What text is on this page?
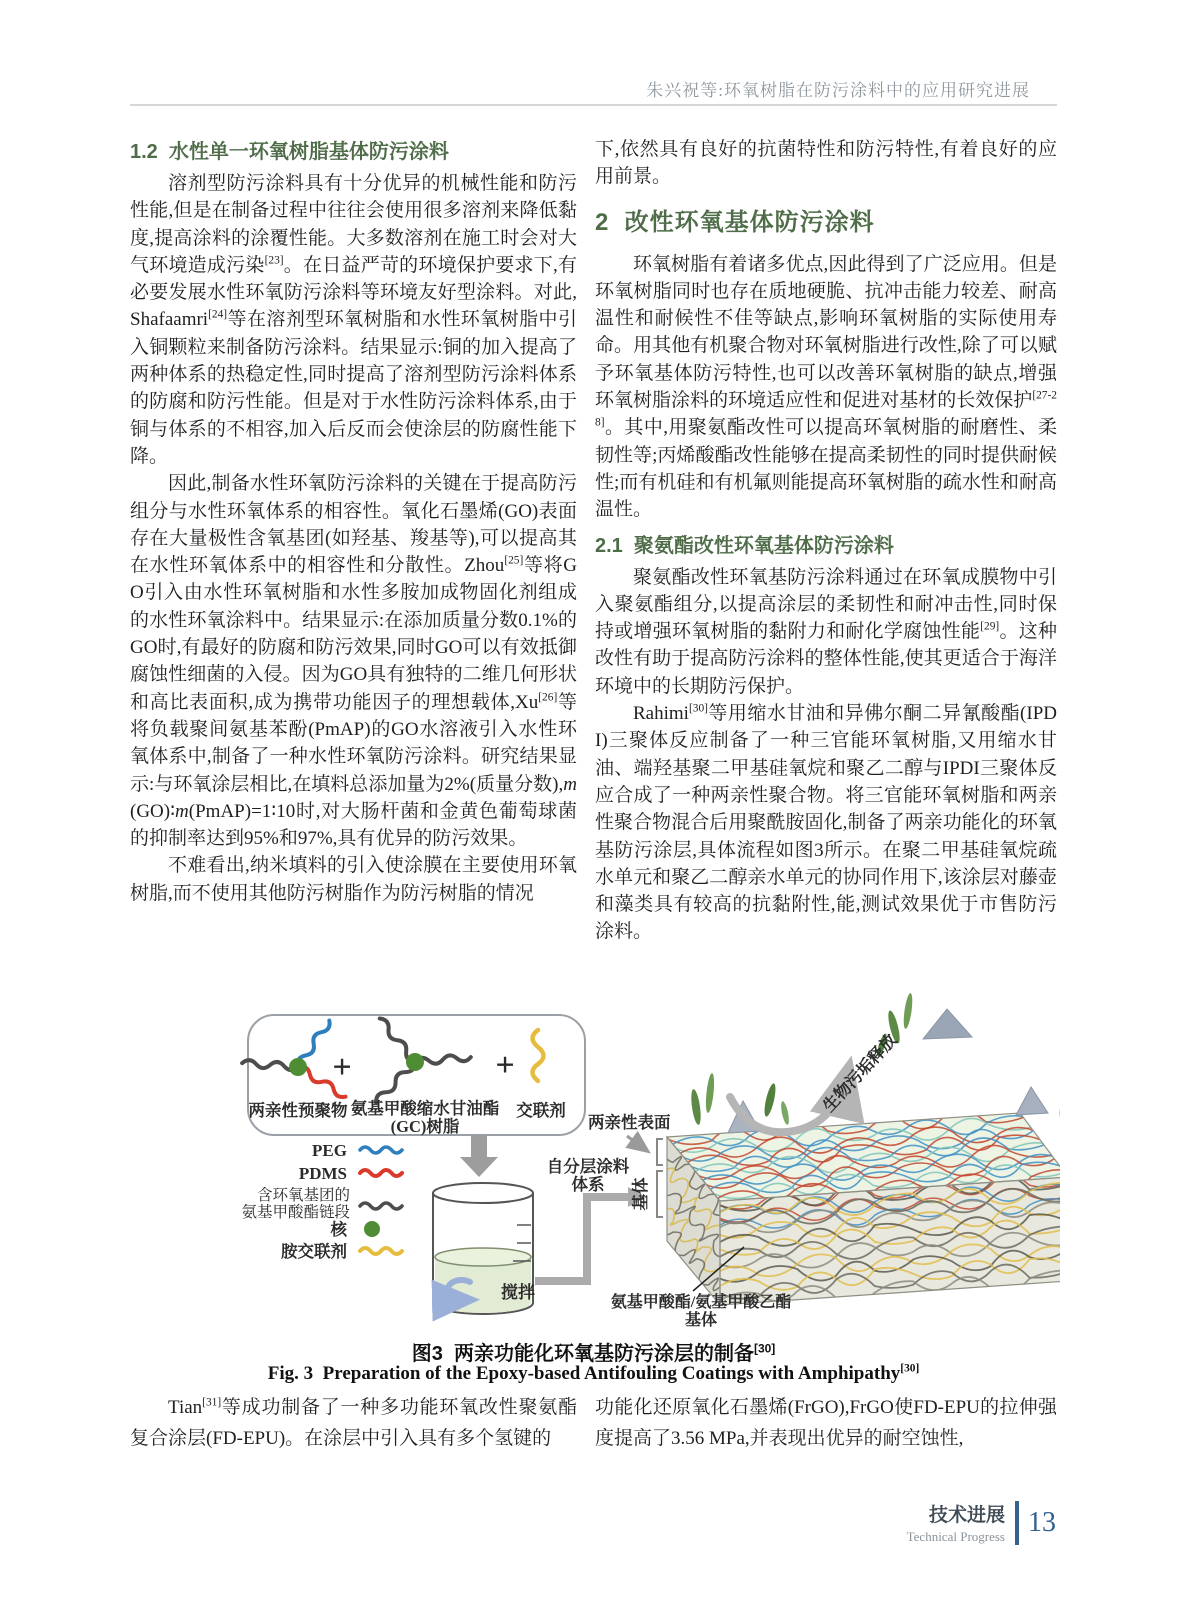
朱兴祝等:环氧树脂在防污涂料中的应用研究进展
1.2  水性单一环氧树脂基体防污涂料

溶剂型防污涂料具有十分优异的机械性能和防污性能,但是在制备过程中往往会使用很多溶剂来降低黏度,提高涂料的涂覆性能。大多数溶剂在施工时会对大气环境造成污染[23]。在日益严苛的环境保护要求下,有必要发展水性环氧防污涂料等环境友好型涂料。对此,Shafaamri[24]等在溶剂型环氧树脂和水性环氧树脂中引入铜颗粒来制备防污涂料。结果显示:铜的加入提高了两种体系的热稳定性,同时提高了溶剂型防污涂料体系的防腐和防污性能。但是对于水性防污涂料体系,由于铜与体系的不相容,加入后反而会使涂层的防腐性能下降。

因此,制备水性环氧防污涂料的关键在于提高防污组分与水性环氧体系的相容性。氧化石墨烯(GO)表面存在大量极性含氧基团(如羟基、羧基等),可以提高其在水性环氧体系中的相容性和分散性。Zhou[25]等将GO引入由水性环氧树脂和水性多胺加成物固化剂组成的水性环氧涂料中。结果显示:在添加质量分数0.1%的GO时,有最好的防腐和防污效果,同时GO可以有效抵御腐蚀性细菌的入侵。因为GO具有独特的二维几何形状和高比表面积,成为携带功能因子的理想载体,Xu[26]等将负载聚间氨基苯酚(PmAP)的GO水溶液引入水性环氧体系中,制备了一种水性环氧防污涂料。研究结果显示:与环氧涂层相比,在填料总添加量为2%(质量分数),m(GO)∶m(PmAP)=1∶10时,对大肠杆菌和金黄色葡萄球菌的抑制率达到95%和97%,具有优异的防污效果。

不难看出,纳米填料的引入使涂膜在主要使用环氧树脂,而不使用其他防污树脂作为防污树脂的情况

下,依然具有良好的抗菌特性和防污特性,有着良好的应用前景。

2  改性环氧基体防污涂料

环氧树脂有着诸多优点,因此得到了广泛应用。但是环氧树脂同时也存在质地硬脆、抗冲击能力较差、耐高温性和耐候性不佳等缺点,影响环氧树脂的实际使用寿命。用其他有机聚合物对环氧树脂进行改性,除了可以赋予环氧基体防污特性,也可以改善环氧树脂的缺点,增强环氧树脂涂料的环境适应性和促进对基材的长效保护[27-28]。其中,用聚氨酯改性可以提高环氧树脂的耐磨性、柔韧性等;丙烯酸酯改性能够在提高柔韧性的同时提供耐候性;而有机硅和有机氟则能提高环氧树脂的疏水性和耐高温性。

2.1  聚氨酯改性环氧基体防污涂料

聚氨酯改性环氧基防污涂料通过在环氧成膜物中引入聚氨酯组分,以提高涂层的柔韧性和耐冲击性,同时保持或增强环氧树脂的黏附力和耐化学腐蚀性能[29]。这种改性有助于提高防污涂料的整体性能,使其更适合于海洋环境中的长期防污保护。

Rahimi[30]等用缩水甘油和异佛尔酮二异氰酸酯(IPDI)三聚体反应制备了一种三官能环氧树脂,又用缩水甘油、端羟基聚二甲基硅氧烷和聚乙二醇与IPDI三聚体反应合成了一种两亲性聚合物。将三官能环氧树脂和两亲性聚合物混合后用聚酰胺固化,制备了两亲功能化的环氧基防污涂层,具体流程如图3所示。在聚二甲基硅氧烷疏水单元和聚乙二醇亲水单元的协同作用下,该涂层对藤壶和藻类具有较高的抗黏附性,能,测试效果优于市售防污涂料。

+	+
两亲性预聚物 氨基甲酸缩水甘油酯
(GC)树脂
交联剂
PEG
PDMS
含环氧基团的
氨基甲酸酯链段
核
胺交联剂
搅拌
自分层涂料
体系
生物污垢释放
两亲性表面
基体
氨基甲酸酯/氨基甲酸乙酯
基体
图3  两亲功能化环氧基防污涂层的制备[30]
Fig. 3  Preparation of the Epoxy-based Antifouling Coatings with Amphipathy[30]

Tian[31]等成功制备了一种多功能环氧改性聚氨酯复合涂层(FD-EPU)。在涂层中引入具有多个氢键的

功能化还原氧化石墨烯(FrGO),FrGO使FD-EPU的拉伸强度提高了3.56 MPa,并表现出优异的耐空蚀性,

技术进展
Technical Progress 13
